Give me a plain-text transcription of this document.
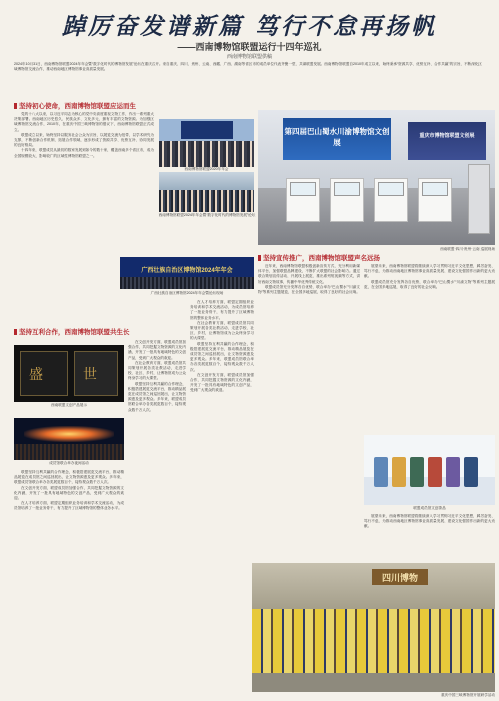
踔厉奋发谱新篇 笃行不怠再扬帆
——西南博物馆联盟运行十四年巡礼
西南博物馆联盟供稿
2024年10月31日，西南博物馆联盟2024年年会暨“数字化时代的博物馆发展”论坛在重庆召开。来自重庆、四川、贵州、云南、西藏、广西、湖南等省区市的成员单位代表齐聚一堂，共谋联盟发展。西南博物馆联盟自2010年成立以来，始终秉承“资源共享、优势互补、合作共赢”的宗旨，不断深化区域博物馆交流合作，推动西南地区博物馆事业高质量发展。
坚持初心使命，西南博物馆联盟应运而生

党的十八大以来，以习近平同志为核心的党中央高度重视文物工作，作出一系列重大决策部署。西南地区历史悠久、民族众多、文化多元，拥有丰富的文物资源。为加强区域博物馆交流合作，2010年，在重庆中国三峡博物馆的倡议下，西南博物馆联盟正式成立。

联盟成立以来，始终坚持以服务社会公众为宗旨，以展览交流为纽带，以学术研究为支撑，不断创新合作机制，拓展合作领域，逐步形成了资源共享、优势互补、协同发展的良好格局。

十四年来，联盟成员从最初的数家发展到如今的数十家，覆盖西南多个省区市，成为全国规模较大、影响较广的区域性博物馆联盟之一。

西南博物馆联盟2020年年会
西南博物馆联盟2024年年会暨“数字化时代的博物馆发展”论坛
第四届巴山蜀水川渝博物馆文创展
重庆市博物馆联盟文创展
西南联盟·四川·贵州·云南 巡展现场
广西壮族自治区博物馆2024年年会
广西壮族自治区博物馆2024年年会暨论坛现场
坚持宣传推广，西南博物馆联盟声名远扬

近年来，西南博物馆联盟积极创新宣传方式，充分利用新媒体平台，加强联盟品牌建设，不断扩大联盟的社会影响力。通过联合策划宣传活动、开展线上展览、推出系列短视频等方式，讲好西南文物故事，传播中华优秀传统文化。

联盟成员馆充分发挥各自优势，联合举办“巴山蜀水”“川渝文物”等系列主题展览，在全国多地巡展，取得了良好的社会反响。

展望未来，西南博物馆联盟将继续深入学习贯彻习近平文化思想，踔厉奋发、笃行不怠，为推动西南地区博物馆事业高质量发展、建设文化强国作出新的更大贡献。

联盟成员馆充分发挥各自优势，联合举办“巴山蜀水”“川渝文物”等系列主题展览，在全国多地巡展，取得了良好的社会反响。

联盟成员馆文创茶品

展望未来，西南博物馆联盟将继续深入学习贯彻习近平文化思想，踔厉奋发、笃行不怠，为推动西南地区博物馆事业高质量发展、建设文化强国作出新的更大贡献。

坚持互利合作，西南博物馆联盟共生长
盛	世
西南联盟文创产品展示
成员馆联合举办夜间活动

联盟坚持互利共赢的合作理念，积极搭建展览交流平台，推动精品展览在成员馆之间巡回展出，让文物资源惠及更多观众。多年来，联盟成员馆联合举办各类展览数百个，接待观众数千万人次。

在文创开发方面，联盟成员馆加强合作，共同挖掘文物资源的文化内涵，开发了一批具有地域特色的文创产品，受到广大观众的欢迎。

在人才培养方面，联盟定期组织业务培训和学术交流活动，为成员馆培养了一批业务骨干，有力提升了区域博物馆的整体业务水平。

在文创开发方面，联盟成员馆加强合作，共同挖掘文物资源的文化内涵，开发了一批具有地域特色的文创产品，受到广大观众的欢迎。

在社会教育方面，联盟成员馆共同策划开展各类社教活动，走进学校、社区、乡村，让博物馆成为公众终身学习的大课堂。

联盟坚持互利共赢的合作理念，积极搭建展览交流平台，推动精品展览在成员馆之间巡回展出，让文物资源惠及更多观众。多年来，联盟成员馆联合举办各类展览数百个，接待观众数千万人次。

在人才培养方面，联盟定期组织业务培训和学术交流活动，为成员馆培养了一批业务骨干，有力提升了区域博物馆的整体业务水平。

在社会教育方面，联盟成员馆共同策划开展各类社教活动，走进学校、社区、乡村，让博物馆成为公众终身学习的大课堂。

联盟坚持互利共赢的合作理念，积极搭建展览交流平台，推动精品展览在成员馆之间巡回展出，让文物资源惠及更多观众。多年来，联盟成员馆联合举办各类展览数百个，接待观众数千万人次。

在文创开发方面，联盟成员馆加强合作，共同挖掘文物资源的文化内涵，开发了一批具有地域特色的文创产品，受到广大观众的欢迎。

四川博物
重庆中国三峡博物馆开展研学活动
